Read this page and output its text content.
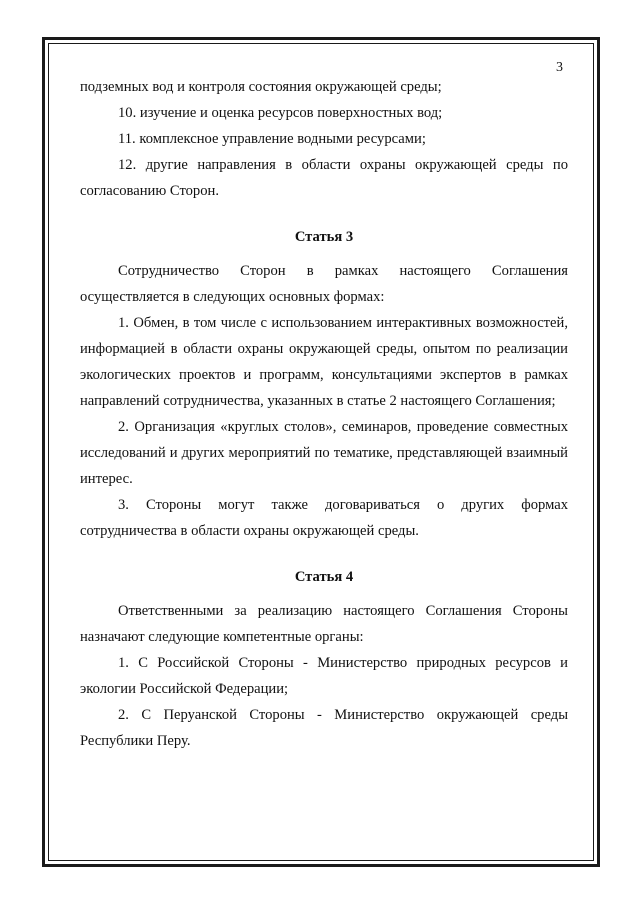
3

подземных вод и контроля состояния окружающей среды;

10. изучение и оценка ресурсов поверхностных вод;

11. комплексное управление водными ресурсами;

12. другие направления в области охраны окружающей среды по согласованию Сторон.

Статья 3

Сотрудничество Сторон в рамках настоящего Соглашения осуществляется в следующих основных формах:

1. Обмен, в том числе с использованием интерактивных возможностей, информацией в области охраны окружающей среды, опытом по реализации экологических проектов и программ, консультациями экспертов в рамках направлений сотрудничества, указанных в статье 2 настоящего Соглашения;

2. Организация «круглых столов», семинаров, проведение совместных исследований и других мероприятий по тематике, представляющей взаимный интерес.

3. Стороны могут также договариваться о других формах сотрудничества в области охраны окружающей среды.

Статья 4

Ответственными за реализацию настоящего Соглашения Стороны назначают следующие компетентные органы:

1. С Российской Стороны - Министерство природных ресурсов и экологии Российской Федерации;

2. С Перуанской Стороны - Министерство окружающей среды Республики Перу.
